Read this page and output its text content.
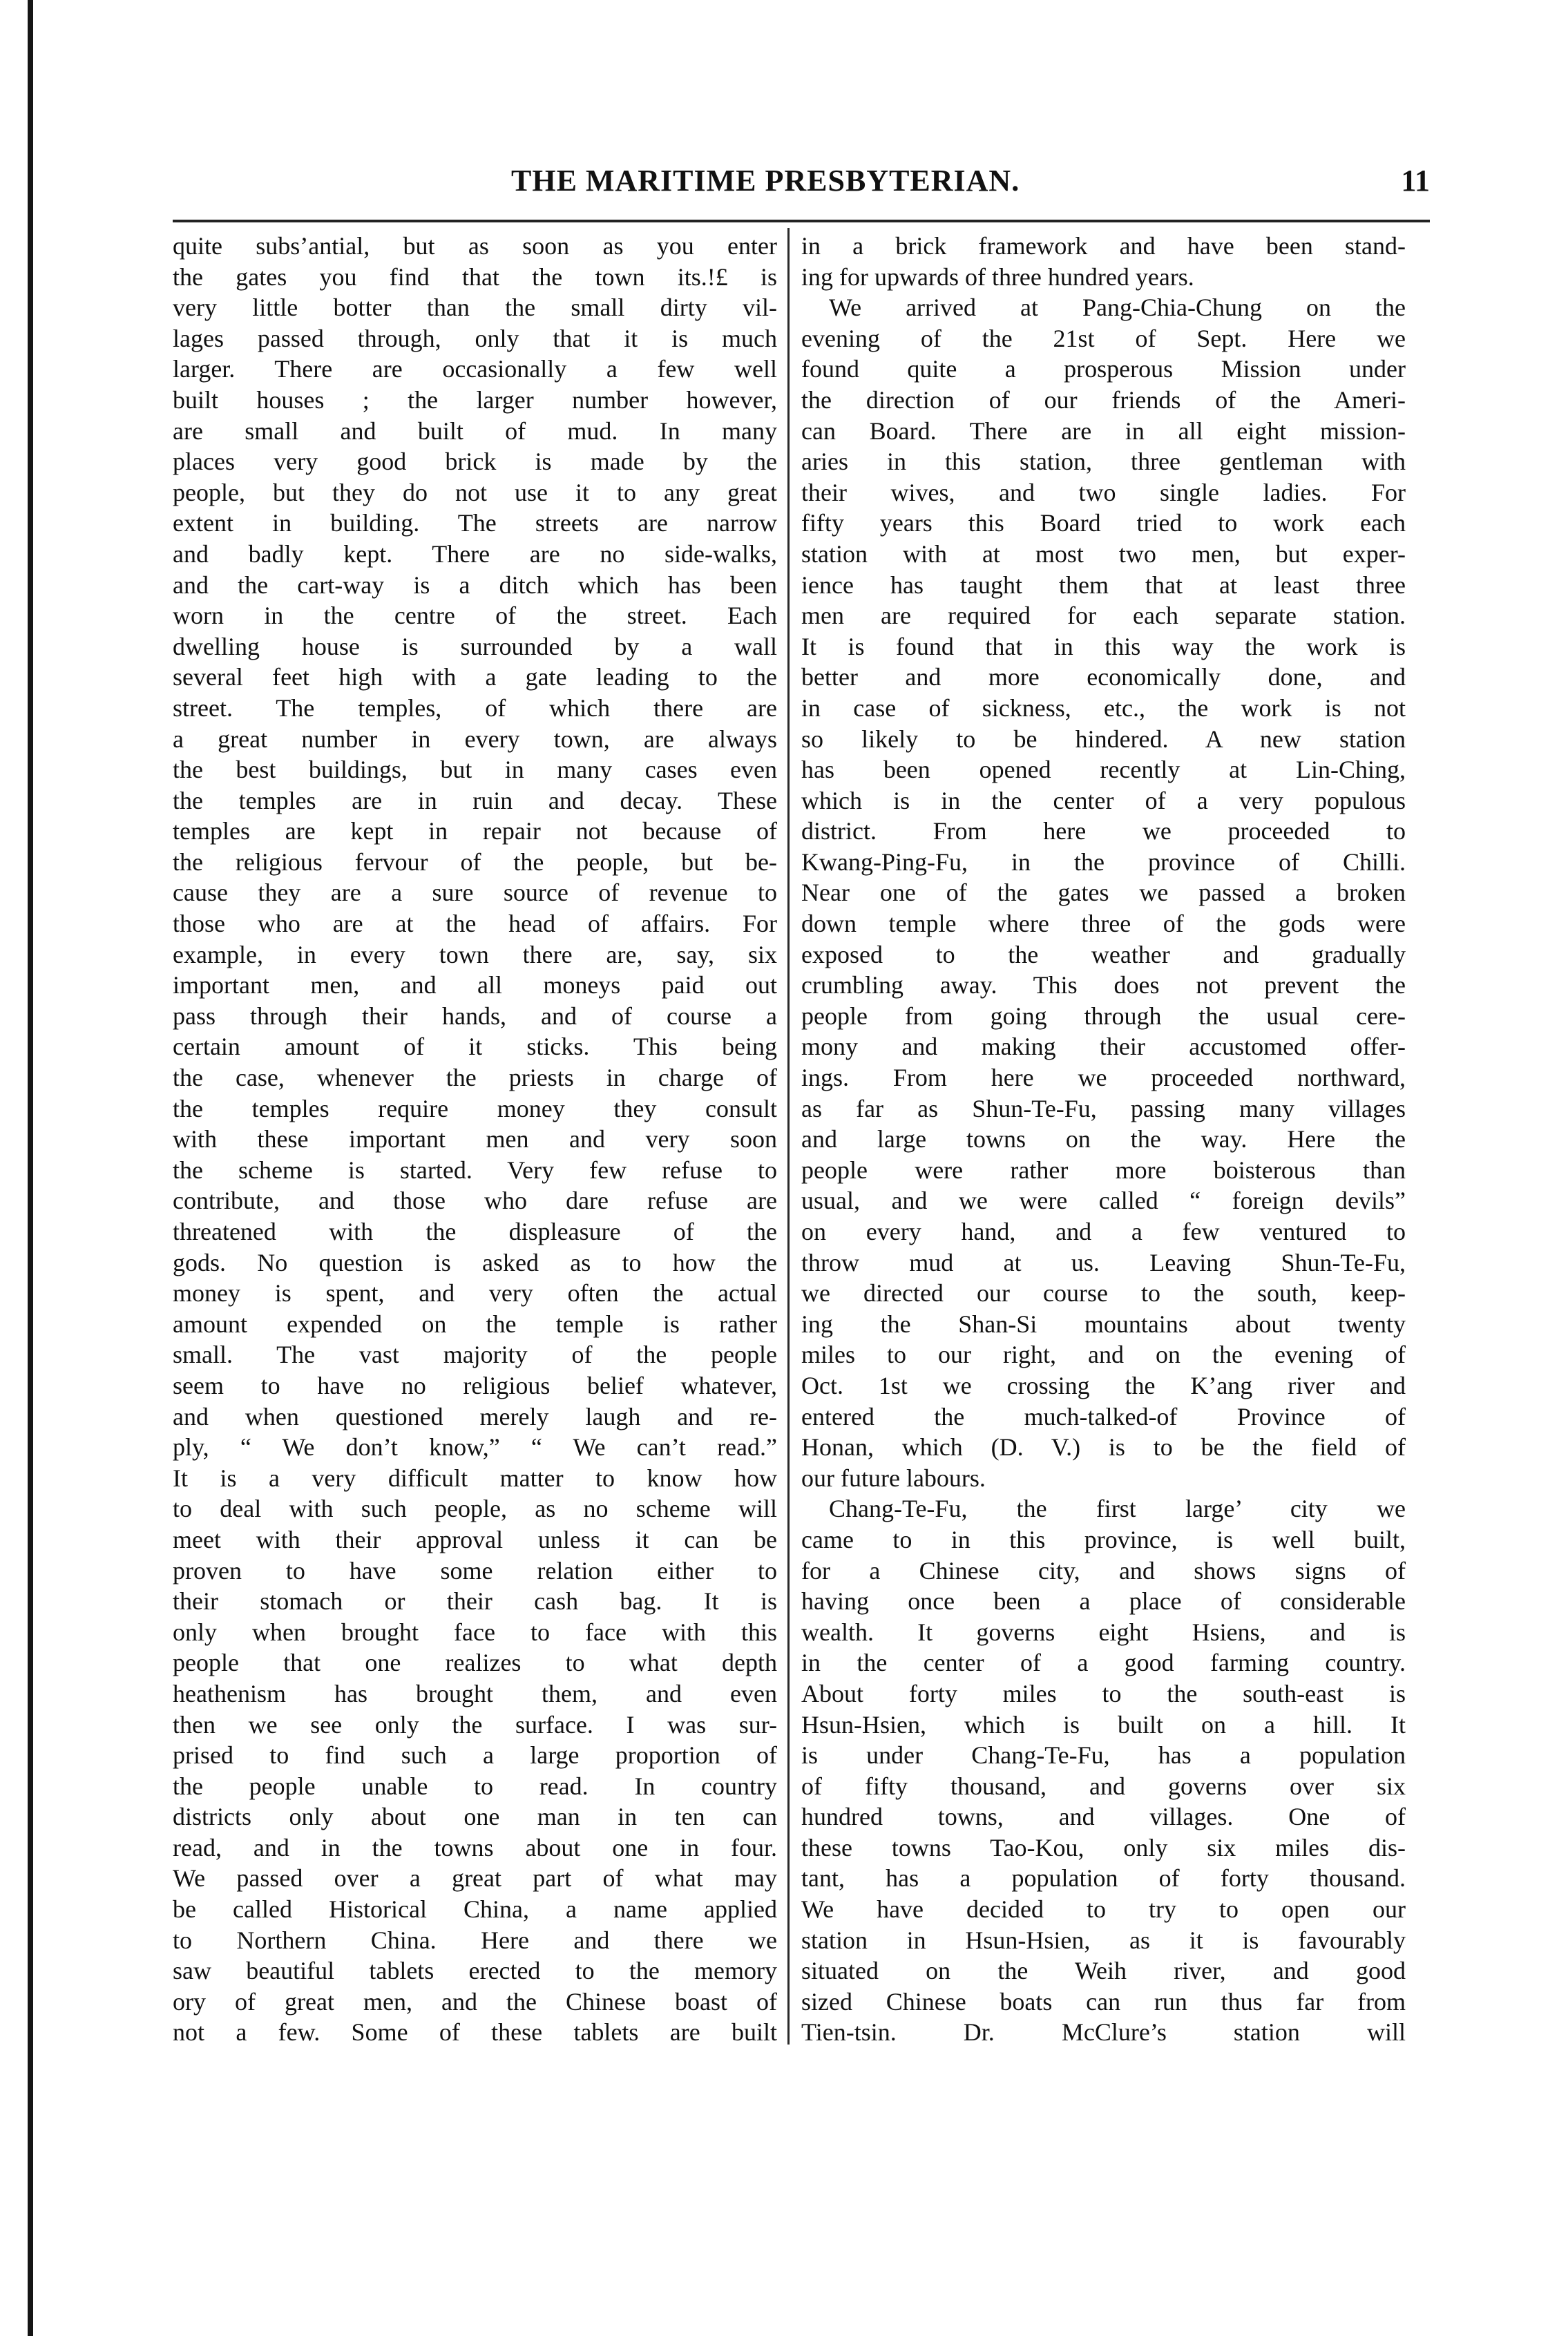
THE MARITIME PRESBYTERIAN.	11
quite subs’antial, but as soon as you enter
the gates you find that the town its.!£ is
very little botter than the small dirty vil-
lages passed through, only that it is much
larger. There are occasionally a few well
built houses ; the larger number however,
are small and built of mud. In many
places very good brick is made by the
people, but they do not use it to any great
extent in building. The streets are narrow
and badly kept. There are no side-walks,
and the cart-way is a ditch which has been
worn in the centre of the street. Each
dwelling house is surrounded by a wall
several feet high with a gate leading to the
street. The temples, of which there are
a great number in every town, are always
the best buildings, but in many cases even
the temples are in ruin and decay. These
temples are kept in repair not because of
the religious fervour of the people, but be-
cause they are a sure source of revenue to
those who are at the head of affairs. For
example, in every town there are, say, six
important men, and all moneys paid out
pass through their hands, and of course a
certain amount of it sticks. This being
the case, whenever the priests in charge of
the temples require money they consult
with these important men and very soon
the scheme is started. Very few refuse to
contribute, and those who dare refuse are
threatened with the displeasure of the
gods. No question is asked as to how the
money is spent, and very often the actual
amount expended on the temple is rather
small. The vast majority of the people
seem to have no religious belief whatever,
and when questioned merely laugh and re-
ply, “ We don’t know,” “ We can’t read.”
It is a very difficult matter to know how
to deal with such people, as no scheme will
meet with their approval unless it can be
proven to have some relation either to
their stomach or their cash bag. It is
only when brought face to face with this
people that one realizes to what depth
heathenism has brought them, and even
then we see only the surface. I was sur-
prised to find such a large proportion of
the people unable to read. In country
districts only about one man in ten can
read, and in the towns about one in four.
We passed over a great part of what may
be called Historical China, a name applied
to Northern China. Here and there we
saw beautiful tablets erected to the memory
ory of great men, and the Chinese boast of
not a few. Some of these tablets are built
in a brick framework and have been stand-
ing for upwards of three hundred years.
We arrived at Pang-Chia-Chung on the
evening of the 21st of Sept. Here we
found quite a prosperous Mission under
the direction of our friends of the Ameri-
can Board. There are in all eight mission-
aries in this station, three gentleman with
their wives, and two single ladies. For
fifty years this Board tried to work each
station with at most two men, but exper-
ience has taught them that at least three
men are required for each separate station.
It is found that in this way the work is
better and more economically done, and
in case of sickness, etc., the work is not
so likely to be hindered. A new station
has been opened recently at Lin-Ching,
which is in the center of a very populous
district. From here we proceeded to
Kwang-Ping-Fu, in the province of Chilli.
Near one of the gates we passed a broken
down temple where three of the gods were
exposed to the weather and gradually
crumbling away. This does not prevent the
people from going through the usual cere-
mony and making their accustomed offer-
ings. From here we proceeded northward,
as far as Shun-Te-Fu, passing many villages
and large towns on the way. Here the
people were rather more boisterous than
usual, and we were called “ foreign devils”
on every hand, and a few ventured to
throw mud at us. Leaving Shun-Te-Fu,
we directed our course to the south, keep-
ing the Shan-Si mountains about twenty
miles to our right, and on the evening of
Oct. 1st we crossing the K’ang river and
entered the much-talked-of Province of
Honan, which (D. V.) is to be the field of
our future labours.
Chang-Te-Fu, the first large’ city we
came to in this province, is well built,
for a Chinese city, and shows signs of
having once been a place of considerable
wealth. It governs eight Hsiens, and is
in the center of a good farming country.
About forty miles to the south-east is
Hsun-Hsien, which is built on a hill. It
is under Chang-Te-Fu, has a population
of fifty thousand, and governs over six
hundred towns, and villages. One of
these towns Tao-Kou, only six miles dis-
tant, has a population of forty thousand.
We have decided to try to open our
station in Hsun-Hsien, as it is favourably
situated on the Weih river, and good
sized Chinese boats can run thus far from
Tien-tsin. Dr. McClure’s station will
